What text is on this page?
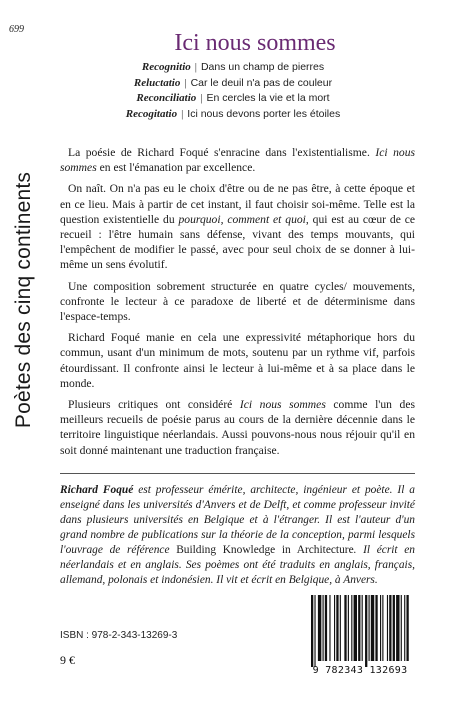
699
Poètes des cinq continents
Ici nous sommes
Recognitio | Dans un champ de pierres
Reluctatio | Car le deuil n'a pas de couleur
Reconciliatio | En cercles la vie et la mort
Recogitatio | Ici nous devons porter les étoiles

La poésie de Richard Foqué s'enracine dans l'existentialisme. Ici nous sommes en est l'émanation par excellence.

On naît. On n'a pas eu le choix d'être ou de ne pas être, à cette époque et en ce lieu. Mais à partir de cet instant, il faut choisir soi-même. Telle est la question existentielle du pourquoi, comment et quoi, qui est au cœur de ce recueil : l'être humain sans défense, vivant des temps mouvants, qui l'empêchent de modifier le passé, avec pour seul choix de se donner à lui-même un sens évolutif.

Une composition sobrement structurée en quatre cycles/ mouvements, confronte le lecteur à ce paradoxe de liberté et de déterminisme dans l'espace-temps.

Richard Foqué manie en cela une expressivité métaphorique hors du commun, usant d'un minimum de mots, soutenu par un rythme vif, parfois étourdissant. Il confronte ainsi le lecteur à lui-même et à sa place dans le monde.

Plusieurs critiques ont considéré Ici nous sommes comme l'un des meilleurs recueils de poésie parus au cours de la dernière décennie dans le territoire linguistique néerlandais. Aussi pouvons-nous nous réjouir qu'il en soit donné maintenant une traduction française.

Richard Foqué est professeur émérite, architecte, ingénieur et poète. Il a enseigné dans les universités d'Anvers et de Delft, et comme professeur invité dans plusieurs universités en Belgique et à l'étranger. Il est l'auteur d'un grand nombre de publications sur la théorie de la conception, parmi lesquels l'ouvrage de référence Building Knowledge in Architecture. Il écrit en néerlandais et en anglais. Ses poèmes ont été traduits en anglais, français, allemand, polonais et indonésien. Il vit et écrit en Belgique, à Anvers.

ISBN : 978-2-343-13269-3
9 €
9 782343 132693
